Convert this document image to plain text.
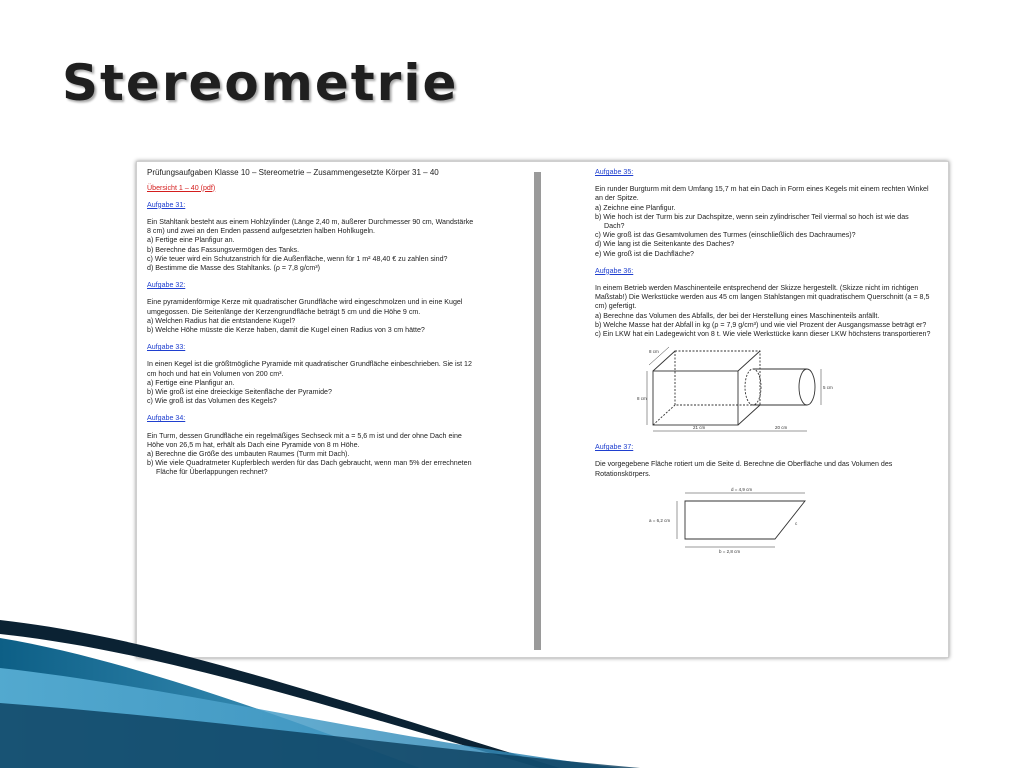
Stereometrie

Prüfungsaufgaben Klasse 10 – Stereometrie – Zusammengesetzte Körper 31 – 40

Übersicht 1 – 40 (pdf)

Aufgabe 31:

Ein Stahltank besteht aus einem Hohlzylinder (Länge 2,40 m, äußerer Durchmesser 90 cm, Wandstärke 8 cm) und zwei an den Enden passend aufgesetzten halben Hohlkugeln.

a) Fertige eine Planfigur an.

b) Berechne das Fassungsvermögen des Tanks.

c) Wie teuer wird ein Schutzanstrich für die Außenfläche, wenn für 1 m² 48,40 € zu zahlen sind?

d) Bestimme die Masse des Stahltanks. (ρ = 7,8 g/cm³)

Aufgabe 32:

Eine pyramidenförmige Kerze mit quadratischer Grundfläche wird eingeschmolzen und in eine Kugel umgegossen. Die Seitenlänge der Kerzengrundfläche beträgt 5 cm und die Höhe 9 cm.

a) Welchen Radius hat die entstandene Kugel?

b) Welche Höhe müsste die Kerze haben, damit die Kugel einen Radius von 3 cm hätte?

Aufgabe 33:

In einen Kegel ist die größtmögliche Pyramide mit quadratischer Grundfläche einbeschrieben. Sie ist 12 cm hoch und hat ein Volumen von 200 cm³.

a) Fertige eine Planfigur an.

b) Wie groß ist eine dreieckige Seitenfläche der Pyramide?

c) Wie groß ist das Volumen des Kegels?

Aufgabe 34:

Ein Turm, dessen Grundfläche ein regelmäßiges Sechseck mit a = 5,6 m ist und der ohne Dach eine Höhe von 26,5 m hat, erhält als Dach eine Pyramide von 8 m Höhe.

a) Berechne die Größe des umbauten Raumes (Turm mit Dach).

b) Wie viele Quadratmeter Kupferblech werden für das Dach gebraucht, wenn man 5% der errechneten Fläche für Überlappungen rechnet?

Aufgabe 35:

Ein runder Burgturm mit dem Umfang 15,7 m hat ein Dach in Form eines Kegels mit einem rechten Winkel an der Spitze.

a) Zeichne eine Planfigur.

b) Wie hoch ist der Turm bis zur Dachspitze, wenn sein zylindrischer Teil viermal so hoch ist wie das Dach?

c) Wie groß ist das Gesamtvolumen des Turmes (einschließlich des Dachraumes)?

d) Wie lang ist die Seitenkante des Daches?

e) Wie groß ist die Dachfläche?

Aufgabe 36:

In einem Betrieb werden Maschinenteile entsprechend der Skizze hergestellt. (Skizze nicht im richtigen Maßstab!) Die Werkstücke werden aus 45 cm langen Stahlstangen mit quadratischem Querschnitt (a = 8,5 cm) gefertigt.

a) Berechne das Volumen des Abfalls, der bei der Herstellung eines Maschinenteils anfällt.

b) Welche Masse hat der Abfall in kg (ρ = 7,9 g/cm³) und wie viel Prozent der Ausgangsmasse beträgt er?

c) Ein LKW hat ein Ladegewicht von 8 t. Wie viele Werkstücke kann dieser LKW höchstens transportieren?

8 cm
8 cm
5 cm
21 cm	20 cm

Aufgabe 37:

Die vorgegebene Fläche rotiert um die Seite d. Berechne die Oberfläche und das Volumen des Rotationskörpers.

d = 4,9 cm
a = 6,2 cm
b = 2,8 cm
c
